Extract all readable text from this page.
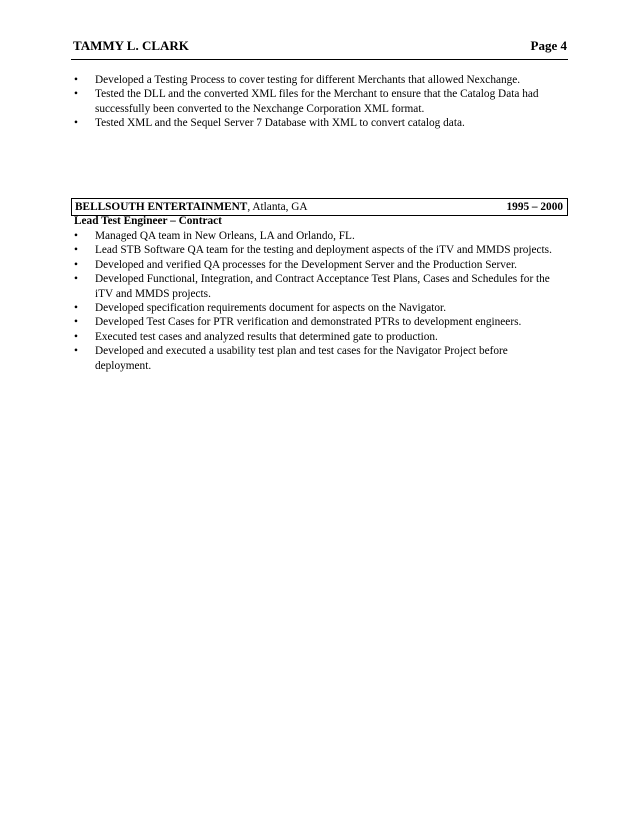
TAMMY L. CLARK	Page 4
•	Developed a Testing Process to cover testing for different Merchants that allowed Nexchange.
•	Tested the DLL and the converted XML files for the Merchant to ensure that the Catalog Data had successfully been converted to the Nexchange Corporation XML format.
•	Tested XML and the Sequel Server 7 Database with XML to convert catalog data.
BELLSOUTH ENTERTAINMENT, Atlanta, GA	1995 – 2000
Lead Test Engineer – Contract
•	Managed QA team in New Orleans, LA and Orlando, FL.
•	Lead STB Software QA team for the testing and deployment aspects of the iTV and MMDS projects.
•	Developed and verified QA processes for the Development Server and the Production Server.
•	Developed Functional, Integration, and Contract Acceptance Test Plans, Cases and Schedules for the iTV and MMDS projects.
•	Developed specification requirements document for aspects on the Navigator.
•	Developed Test Cases for PTR verification and demonstrated PTRs to development engineers.
•	Executed test cases and analyzed results that determined gate to production.
•	Developed and executed a usability test plan and test cases for the Navigator Project before deployment.
